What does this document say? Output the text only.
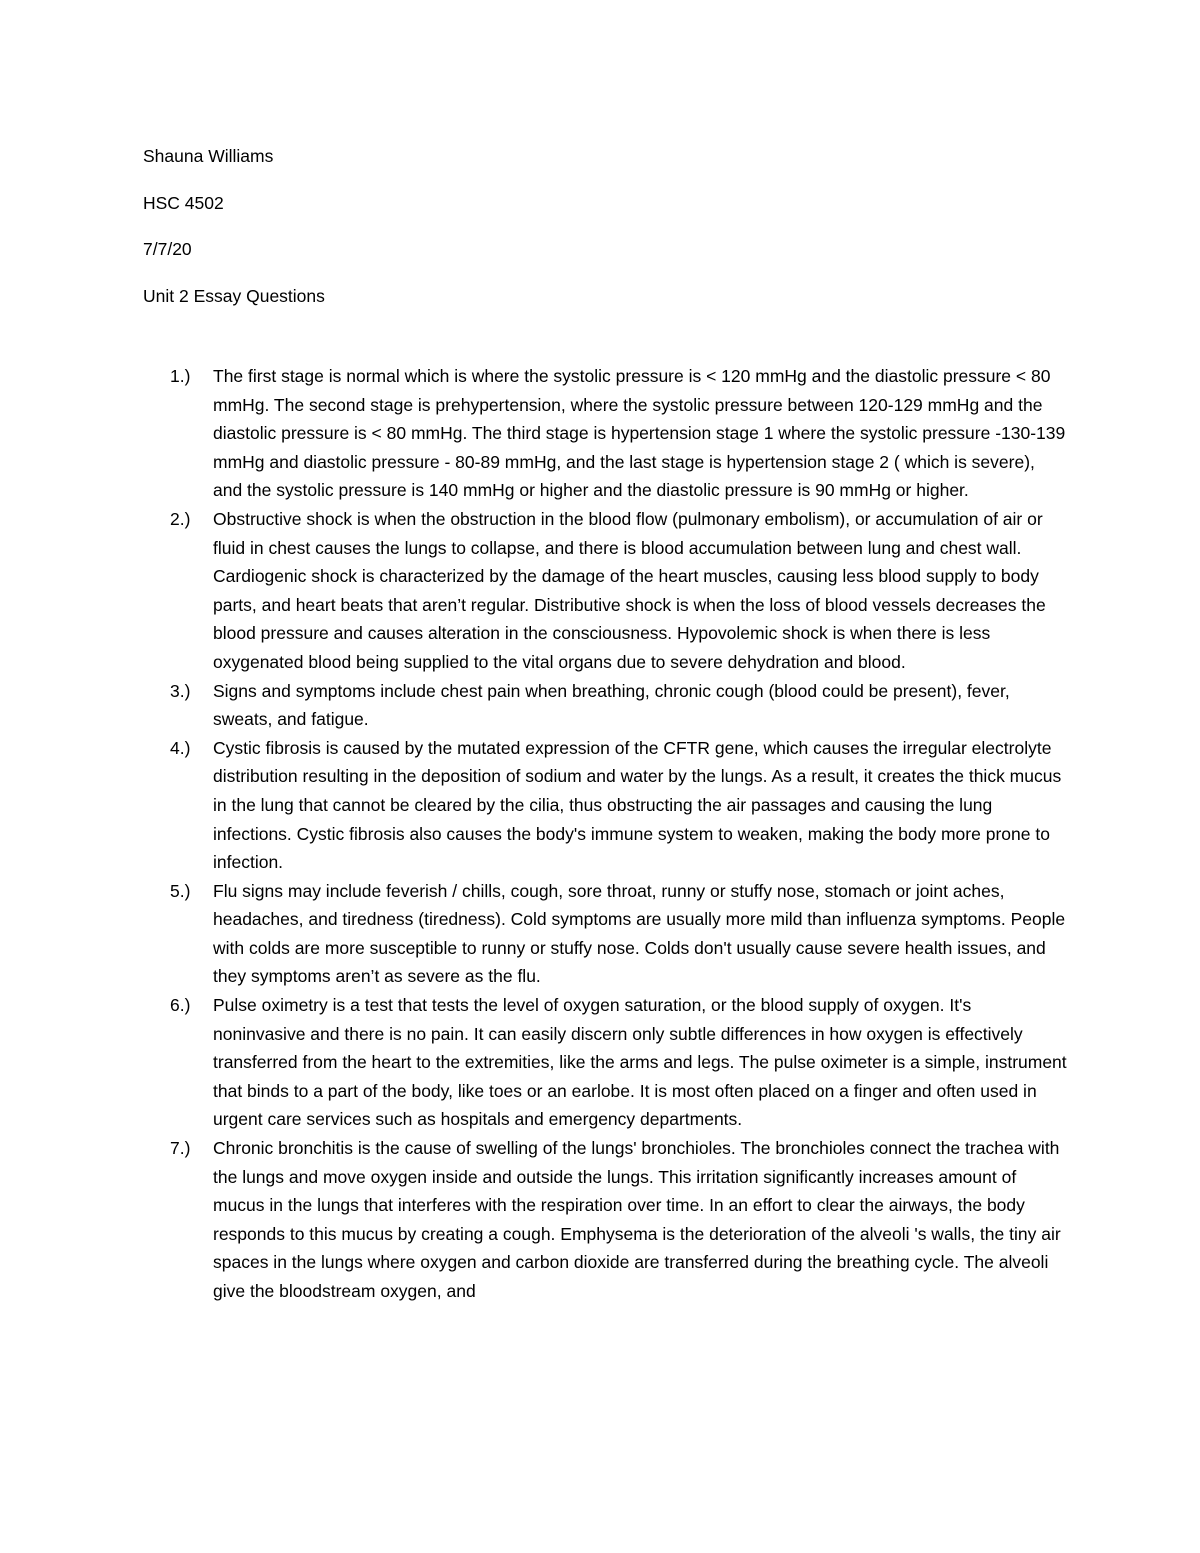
Shauna Williams
HSC 4502
7/7/20
Unit 2 Essay Questions
1.) The first stage is normal which is where the systolic pressure is < 120 mmHg and the diastolic pressure < 80 mmHg. The second stage is prehypertension, where the systolic pressure between 120-129 mmHg and the diastolic pressure is < 80 mmHg. The third stage is hypertension stage 1 where the systolic pressure -130-139 mmHg and diastolic pressure - 80-89 mmHg, and the last stage is hypertension stage 2 ( which is severe), and the systolic pressure is 140 mmHg or higher and the diastolic pressure is 90 mmHg or higher.

2.) Obstructive shock is when the obstruction in the blood flow (pulmonary embolism), or accumulation of air or fluid in chest causes the lungs to collapse, and there is blood accumulation between lung and chest wall. Cardiogenic shock is characterized by the damage of the heart muscles, causing less blood supply to body parts, and heart beats that aren’t regular. Distributive shock is when the loss of blood vessels decreases the blood pressure and causes alteration in the consciousness. Hypovolemic shock is when there is less oxygenated blood being supplied to the vital organs due to severe dehydration and blood.

3.) Signs and symptoms include chest pain when breathing, chronic cough (blood could be present), fever, sweats, and fatigue.

4.) Cystic fibrosis is caused by the mutated expression of the CFTR gene, which causes the irregular electrolyte distribution resulting in the deposition of sodium and water by the lungs. As a result, it creates the thick mucus in the lung that cannot be cleared by the cilia, thus obstructing the air passages and causing the lung infections. Cystic fibrosis also causes the body's immune system to weaken, making the body more prone to infection.

5.) Flu signs may include feverish / chills, cough, sore throat, runny or stuffy nose, stomach or joint aches, headaches, and tiredness (tiredness). Cold symptoms are usually more mild than influenza symptoms. People with colds are more susceptible to runny or stuffy nose. Colds don't usually cause severe health issues, and they symptoms aren’t as severe as the flu.

6.) Pulse oximetry is a test that tests the level of oxygen saturation, or the blood supply of oxygen. It's noninvasive and there is no pain. It can easily discern only subtle differences in how oxygen is effectively transferred from the heart to the extremities, like the arms and legs. The pulse oximeter is a simple, instrument that binds to a part of the body, like toes or an earlobe. It is most often placed on a finger and often used in urgent care services such as hospitals and emergency departments.

7.) Chronic bronchitis is the cause of swelling of the lungs' bronchioles. The bronchioles connect the trachea with the lungs and move oxygen inside and outside the lungs. This irritation significantly increases amount of mucus in the lungs that interferes with the respiration over time. In an effort to clear the airways, the body responds to this mucus by creating a cough. Emphysema is the deterioration of the alveoli 's walls, the tiny air spaces in the lungs where oxygen and carbon dioxide are transferred during the breathing cycle. The alveoli give the bloodstream oxygen, and
